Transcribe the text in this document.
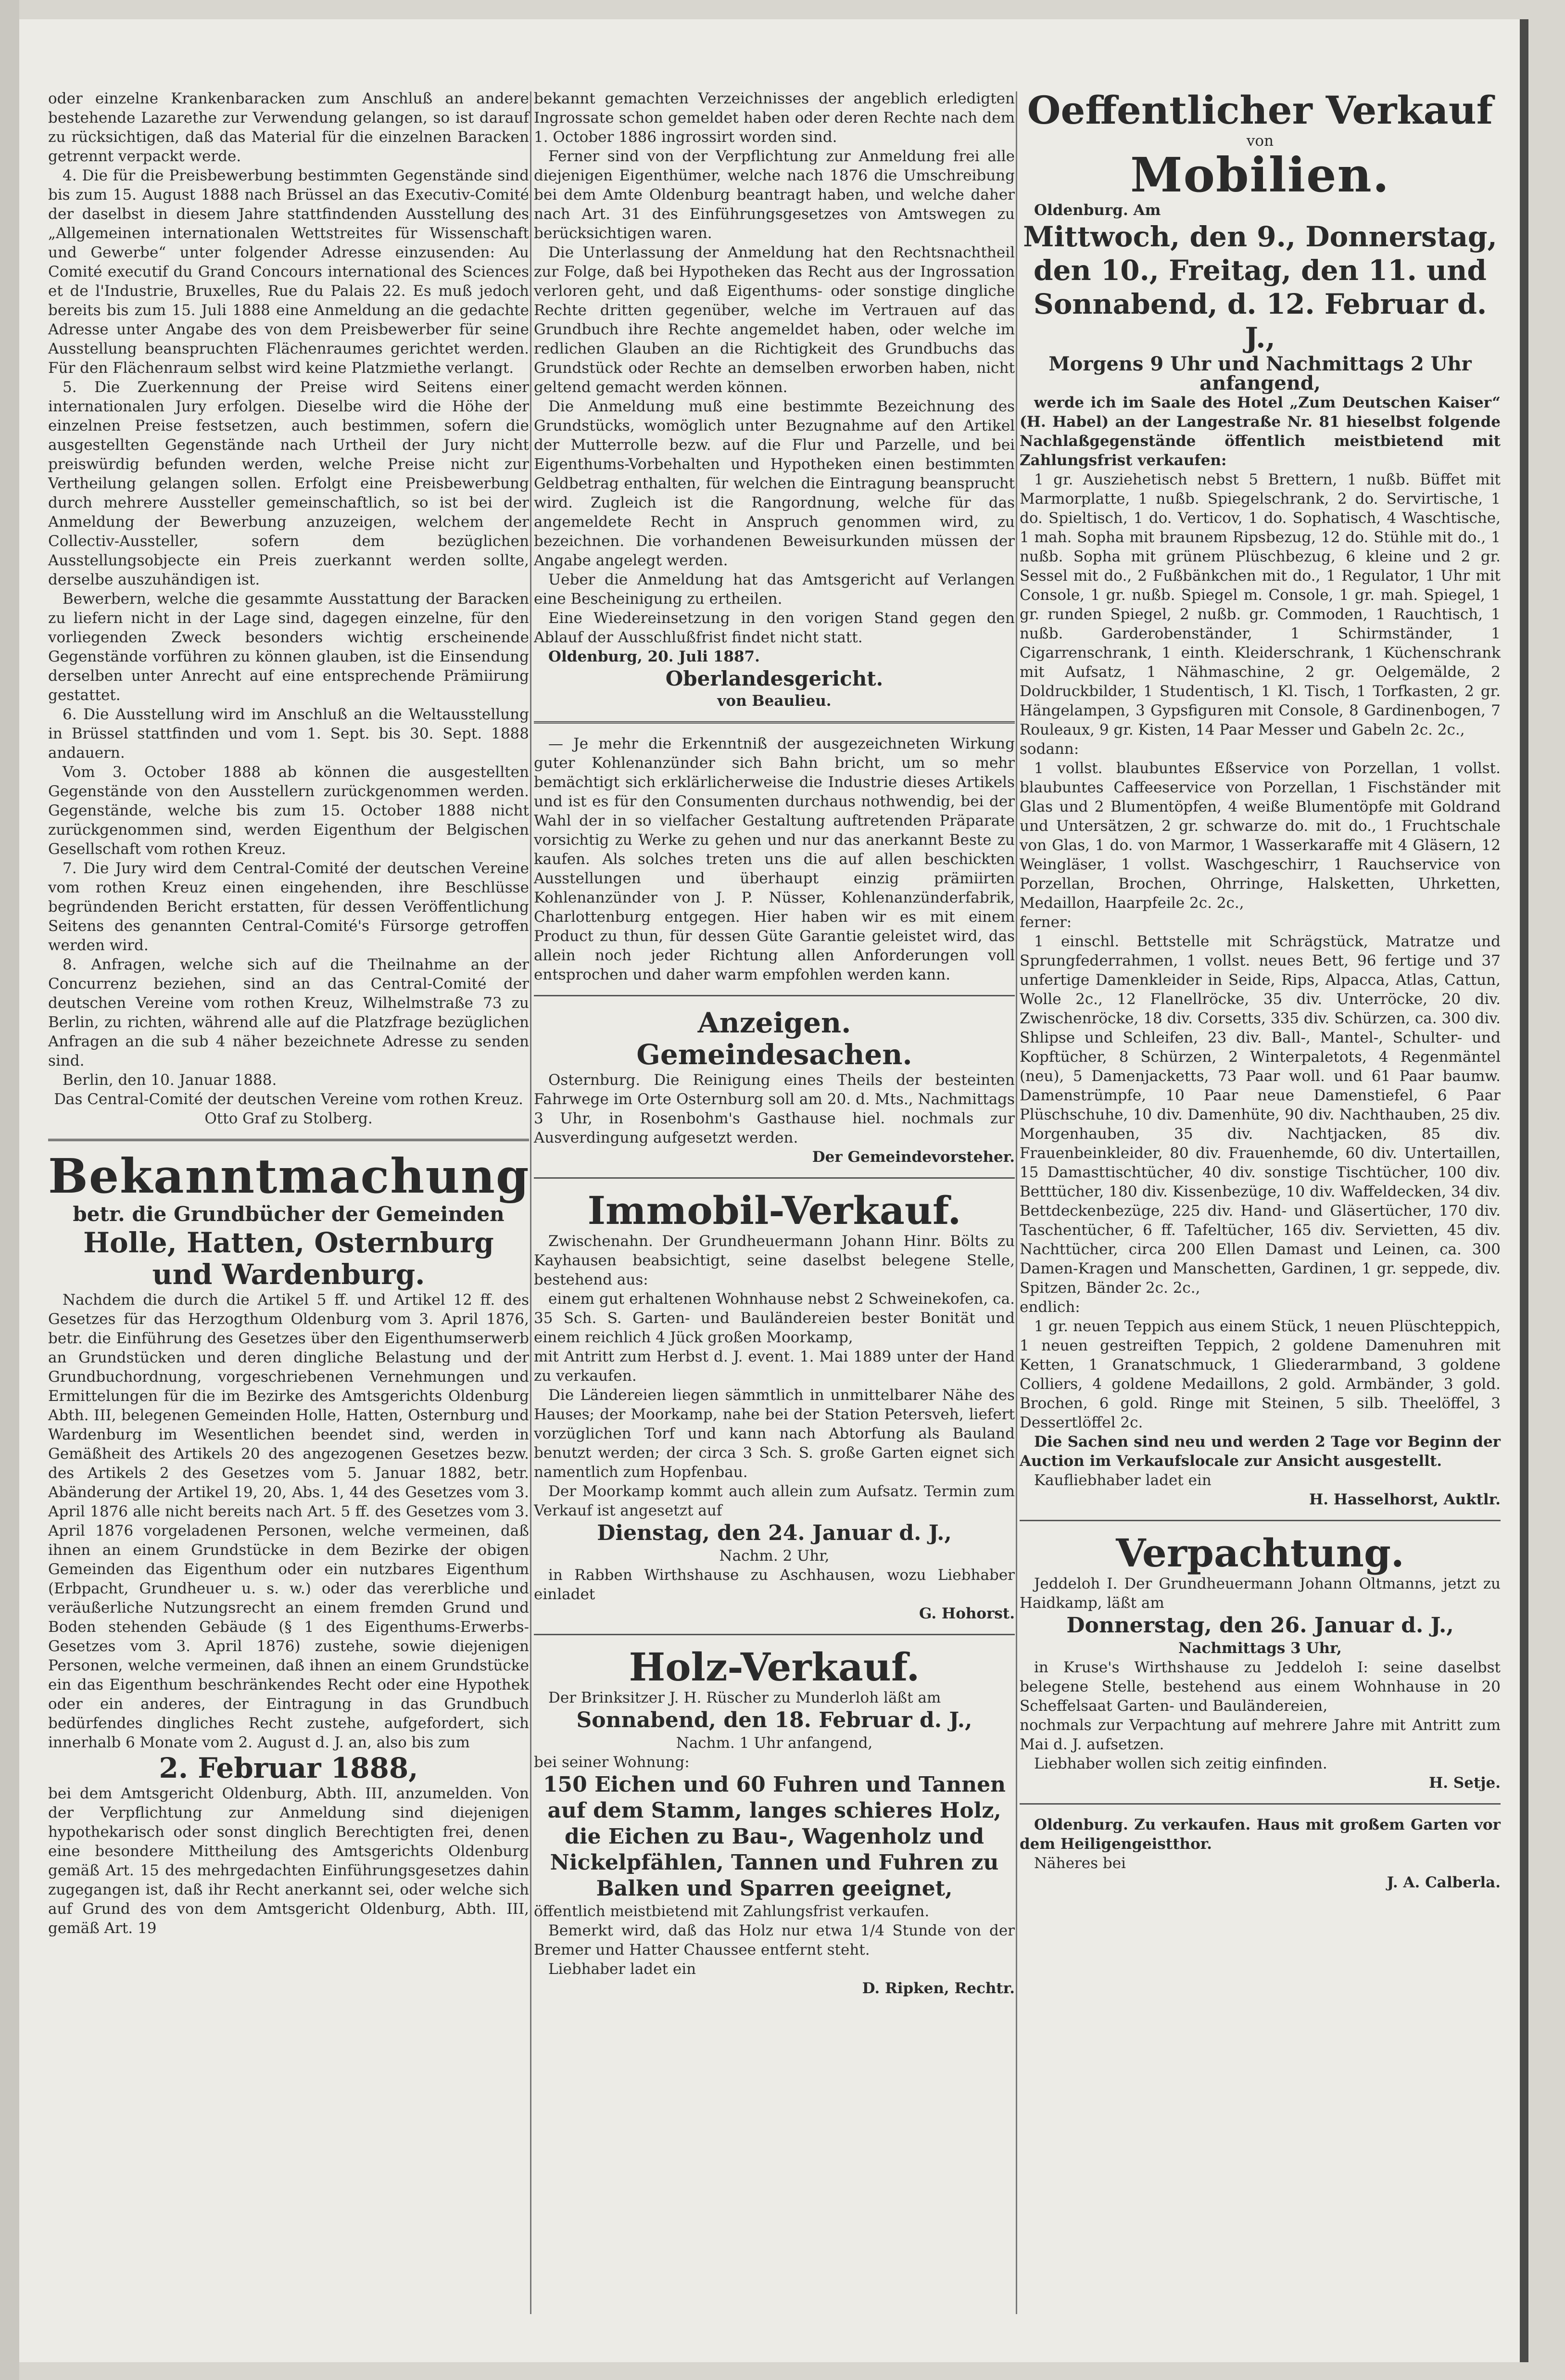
oder einzelne Krankenbaracken zum Anschluß an andere bestehende Lazarethe zur Verwendung gelangen, so ist darauf zu rücksichtigen, daß das Material für die einzelnen Baracken getrennt verpackt werde.

4. Die für die Preisbewerbung bestimmten Gegenstände sind bis zum 15. August 1888 nach Brüssel an das Executiv-Comité der daselbst in diesem Jahre stattfindenden Ausstellung des „Allgemeinen internationalen Wettstreites für Wissenschaft und Gewerbe“ unter folgender Adresse einzusenden: Au Comité executif du Grand Concours international des Sciences et de l'Industrie, Bruxelles, Rue du Palais 22. Es muß jedoch bereits bis zum 15. Juli 1888 eine Anmeldung an die gedachte Adresse unter Angabe des von dem Preisbewerber für seine Ausstellung beanspruchten Flächenraumes gerichtet werden. Für den Flächenraum selbst wird keine Platzmiethe verlangt.

5. Die Zuerkennung der Preise wird Seitens einer internationalen Jury erfolgen. Dieselbe wird die Höhe der einzelnen Preise festsetzen, auch bestimmen, sofern die ausgestellten Gegenstände nach Urtheil der Jury nicht preiswürdig befunden werden, welche Preise nicht zur Vertheilung gelangen sollen. Erfolgt eine Preisbewerbung durch mehrere Aussteller gemeinschaftlich, so ist bei der Anmeldung der Bewerbung anzuzeigen, welchem der Collectiv-Aussteller, sofern dem bezüglichen Ausstellungsobjecte ein Preis zuerkannt werden sollte, derselbe auszuhändigen ist.

Bewerbern, welche die gesammte Ausstattung der Baracken zu liefern nicht in der Lage sind, dagegen einzelne, für den vorliegenden Zweck besonders wichtig erscheinende Gegenstände vorführen zu können glauben, ist die Einsendung derselben unter Anrecht auf eine entsprechende Prämiirung gestattet.

6. Die Ausstellung wird im Anschluß an die Weltausstellung in Brüssel stattfinden und vom 1. Sept. bis 30. Sept. 1888 andauern.

Vom 3. October 1888 ab können die ausgestellten Gegenstände von den Ausstellern zurückgenommen werden. Gegenstände, welche bis zum 15. October 1888 nicht zurückgenommen sind, werden Eigenthum der Belgischen Gesellschaft vom rothen Kreuz.

7. Die Jury wird dem Central-Comité der deutschen Vereine vom rothen Kreuz einen eingehenden, ihre Beschlüsse begründenden Bericht erstatten, für dessen Veröffentlichung Seitens des genannten Central-Comité's Fürsorge getroffen werden wird.

8. Anfragen, welche sich auf die Theilnahme an der Concurrenz beziehen, sind an das Central-Comité der deutschen Vereine vom rothen Kreuz, Wilhelmstraße 73 zu Berlin, zu richten, während alle auf die Platzfrage bezüglichen Anfragen an die sub 4 näher bezeichnete Adresse zu senden sind.

Berlin, den 10. Januar 1888.

Das Central-Comité der deutschen Vereine vom rothen Kreuz.

Otto Graf zu Stolberg.

Bekanntmachung
betr. die Grundbücher der Gemeinden
Holle, Hatten, Osternburg
und Wardenburg.

Nachdem die durch die Artikel 5 ff. und Artikel 12 ff. des Gesetzes für das Herzogthum Oldenburg vom 3. April 1876, betr. die Einführung des Gesetzes über den Eigenthumserwerb an Grundstücken und deren dingliche Belastung und der Grundbuchordnung, vorgeschriebenen Vernehmungen und Ermittelungen für die im Bezirke des Amtsgerichts Oldenburg Abth. III, belegenen Gemeinden Holle, Hatten, Osternburg und Wardenburg im Wesentlichen beendet sind, werden in Gemäßheit des Artikels 20 des angezogenen Gesetzes bezw. des Artikels 2 des Gesetzes vom 5. Januar 1882, betr. Abänderung der Artikel 19, 20, Abs. 1, 44 des Gesetzes vom 3. April 1876 alle nicht bereits nach Art. 5 ff. des Gesetzes vom 3. April 1876 vorgeladenen Personen, welche vermeinen, daß ihnen an einem Grundstücke in dem Bezirke der obigen Gemeinden das Eigenthum oder ein nutzbares Eigenthum (Erbpacht, Grundheuer u. s. w.) oder das vererbliche und veräußerliche Nutzungsrecht an einem fremden Grund und Boden stehenden Gebäude (§ 1 des Eigenthums-Erwerbs-Gesetzes vom 3. April 1876) zustehe, sowie diejenigen Personen, welche vermeinen, daß ihnen an einem Grundstücke ein das Eigenthum beschränkendes Recht oder eine Hypothek oder ein anderes, der Eintragung in das Grundbuch bedürfendes dingliches Recht zustehe, aufgefordert, sich innerhalb 6 Monate vom 2. August d. J. an, also bis zum

2. Februar 1888,

bei dem Amtsgericht Oldenburg, Abth. III, anzumelden. Von der Verpflichtung zur Anmeldung sind diejenigen hypothekarisch oder sonst dinglich Berechtigten frei, denen eine besondere Mittheilung des Amtsgerichts Oldenburg gemäß Art. 15 des mehrgedachten Einführungsgesetzes dahin zugegangen ist, daß ihr Recht anerkannt sei, oder welche sich auf Grund des von dem Amtsgericht Oldenburg, Abth. III, gemäß Art. 19

bekannt gemachten Verzeichnisses der angeblich erledigten Ingrossate schon gemeldet haben oder deren Rechte nach dem 1. October 1886 ingrossirt worden sind.

Ferner sind von der Verpflichtung zur Anmeldung frei alle diejenigen Eigenthümer, welche nach 1876 die Umschreibung bei dem Amte Oldenburg beantragt haben, und welche daher nach Art. 31 des Einführungsgesetzes von Amtswegen zu berücksichtigen waren.

Die Unterlassung der Anmeldung hat den Rechtsnachtheil zur Folge, daß bei Hypotheken das Recht aus der Ingrossation verloren geht, und daß Eigenthums- oder sonstige dingliche Rechte dritten gegenüber, welche im Vertrauen auf das Grundbuch ihre Rechte angemeldet haben, oder welche im redlichen Glauben an die Richtigkeit des Grundbuchs das Grundstück oder Rechte an demselben erworben haben, nicht geltend gemacht werden können.

Die Anmeldung muß eine bestimmte Bezeichnung des Grundstücks, womöglich unter Bezugnahme auf den Artikel der Mutterrolle bezw. auf die Flur und Parzelle, und bei Eigenthums-Vorbehalten und Hypotheken einen bestimmten Geldbetrag enthalten, für welchen die Eintragung beansprucht wird. Zugleich ist die Rangordnung, welche für das angemeldete Recht in Anspruch genommen wird, zu bezeichnen. Die vorhandenen Beweisurkunden müssen der Angabe angelegt werden.

Ueber die Anmeldung hat das Amtsgericht auf Verlangen eine Bescheinigung zu ertheilen.

Eine Wiedereinsetzung in den vorigen Stand gegen den Ablauf der Ausschlußfrist findet nicht statt.

Oldenburg, 20. Juli 1887.

Oberlandesgericht.

von Beaulieu.

— Je mehr die Erkenntniß der ausgezeichneten Wirkung guter Kohlenanzünder sich Bahn bricht, um so mehr bemächtigt sich erklärlicherweise die Industrie dieses Artikels und ist es für den Consumenten durchaus nothwendig, bei der Wahl der in so vielfacher Gestaltung auftretenden Präparate vorsichtig zu Werke zu gehen und nur das anerkannt Beste zu kaufen. Als solches treten uns die auf allen beschickten Ausstellungen und überhaupt einzig prämiirten Kohlenanzünder von J. P. Nüsser, Kohlenanzünderfabrik, Charlottenburg entgegen. Hier haben wir es mit einem Product zu thun, für dessen Güte Garantie geleistet wird, das allein noch jeder Richtung allen Anforderungen voll entsprochen und daher warm empfohlen werden kann.

Anzeigen.
Gemeindesachen.

Osternburg. Die Reinigung eines Theils der besteinten Fahrwege im Orte Osternburg soll am 20. d. Mts., Nachmittags 3 Uhr, in Rosenbohm's Gasthause hiel. nochmals zur Ausverdingung aufgesetzt werden.

Der Gemeindevorsteher.

Immobil-Verkauf.

Zwischenahn. Der Grundheuermann Johann Hinr. Bölts zu Kayhausen beabsichtigt, seine daselbst belegene Stelle, bestehend aus:

einem gut erhaltenen Wohnhause nebst 2 Schweinekofen, ca. 35 Sch. S. Garten- und Bauländereien bester Bonität und einem reichlich 4 Jück großen Moorkamp,

mit Antritt zum Herbst d. J. event. 1. Mai 1889 unter der Hand zu verkaufen.

Die Ländereien liegen sämmtlich in unmittelbarer Nähe des Hauses; der Moorkamp, nahe bei der Station Petersveh, liefert vorzüglichen Torf und kann nach Abtorfung als Bauland benutzt werden; der circa 3 Sch. S. große Garten eignet sich namentlich zum Hopfenbau.

Der Moorkamp kommt auch allein zum Aufsatz. Termin zum Verkauf ist angesetzt auf

Dienstag, den 24. Januar d. J.,

Nachm. 2 Uhr,

in Rabben Wirthshause zu Aschhausen, wozu Liebhaber einladet

G. Hohorst.

Holz-Verkauf.

Der Brinksitzer J. H. Rüscher zu Munderloh läßt am

Sonnabend, den 18. Februar d. J.,

Nachm. 1 Uhr anfangend,

bei seiner Wohnung:

150 Eichen und 60 Fuhren und Tannen auf dem Stamm, langes schieres Holz, die Eichen zu Bau-, Wagenholz und Nickelpfählen, Tannen und Fuhren zu Balken und Sparren geeignet,

öffentlich meistbietend mit Zahlungsfrist verkaufen.

Bemerkt wird, daß das Holz nur etwa 1/4 Stunde von der Bremer und Hatter Chaussee entfernt steht.

Liebhaber ladet ein

D. Ripken, Rechtr.

Oeffentlicher Verkauf

von

Mobilien.

Oldenburg. Am

Mittwoch, den 9., Donnerstag, den 10., Freitag, den 11. und Sonnabend, d. 12. Februar d. J.,

Morgens 9 Uhr und Nachmittags 2 Uhr anfangend,

werde ich im Saale des Hotel „Zum Deutschen Kaiser“ (H. Habel) an der Langestraße Nr. 81 hieselbst folgende Nachlaßgegenstände öffentlich meistbietend mit Zahlungsfrist verkaufen:

1 gr. Ausziehetisch nebst 5 Brettern, 1 nußb. Büffet mit Marmorplatte, 1 nußb. Spiegelschrank, 2 do. Servirtische, 1 do. Spieltisch, 1 do. Verticov, 1 do. Sophatisch, 4 Waschtische, 1 mah. Sopha mit braunem Ripsbezug, 12 do. Stühle mit do., 1 nußb. Sopha mit grünem Plüschbezug, 6 kleine und 2 gr. Sessel mit do., 2 Fußbänkchen mit do., 1 Regulator, 1 Uhr mit Console, 1 gr. nußb. Spiegel m. Console, 1 gr. mah. Spiegel, 1 gr. runden Spiegel, 2 nußb. gr. Commoden, 1 Rauchtisch, 1 nußb. Garderobenständer, 1 Schirmständer, 1 Cigarrenschrank, 1 einth. Kleiderschrank, 1 Küchenschrank mit Aufsatz, 1 Nähmaschine, 2 gr. Oelgemälde, 2 Doldruckbilder, 1 Studentisch, 1 Kl. Tisch, 1 Torfkasten, 2 gr. Hängelampen, 3 Gypsfiguren mit Console, 8 Gardinenbogen, 7 Rouleaux, 9 gr. Kisten, 14 Paar Messer und Gabeln 2c. 2c.,

sodann:

1 vollst. blaubuntes Eßservice von Porzellan, 1 vollst. blaubuntes Caffeeservice von Porzellan, 1 Fischständer mit Glas und 2 Blumentöpfen, 4 weiße Blumentöpfe mit Goldrand und Untersätzen, 2 gr. schwarze do. mit do., 1 Fruchtschale von Glas, 1 do. von Marmor, 1 Wasserkaraffe mit 4 Gläsern, 12 Weingläser, 1 vollst. Waschgeschirr, 1 Rauchservice von Porzellan, Brochen, Ohrringe, Halsketten, Uhrketten, Medaillon, Haarpfeile 2c. 2c.,

ferner:

1 einschl. Bettstelle mit Schrägstück, Matratze und Sprungfederrahmen, 1 vollst. neues Bett, 96 fertige und 37 unfertige Damenkleider in Seide, Rips, Alpacca, Atlas, Cattun, Wolle 2c., 12 Flanellröcke, 35 div. Unterröcke, 20 div. Zwischenröcke, 18 div. Corsetts, 335 div. Schürzen, ca. 300 div. Shlipse und Schleifen, 23 div. Ball-, Mantel-, Schulter- und Kopftücher, 8 Schürzen, 2 Winterpaletots, 4 Regenmäntel (neu), 5 Damenjacketts, 73 Paar woll. und 61 Paar baumw. Damenstrümpfe, 10 Paar neue Damenstiefel, 6 Paar Plüschschuhe, 10 div. Damenhüte, 90 div. Nachthauben, 25 div. Morgenhauben, 35 div. Nachtjacken, 85 div. Frauenbeinkleider, 80 div. Frauenhemde, 60 div. Untertaillen, 15 Damasttischtücher, 40 div. sonstige Tischtücher, 100 div. Betttücher, 180 div. Kissenbezüge, 10 div. Waffeldecken, 34 div. Bettdeckenbezüge, 225 div. Hand- und Gläsertücher, 170 div. Taschentücher, 6 ff. Tafeltücher, 165 div. Servietten, 45 div. Nachttücher, circa 200 Ellen Damast und Leinen, ca. 300 Damen-Kragen und Manschetten, Gardinen, 1 gr. seppede, div. Spitzen, Bänder 2c. 2c.,

endlich:

1 gr. neuen Teppich aus einem Stück, 1 neuen Plüschteppich, 1 neuen gestreiften Teppich, 2 goldene Damenuhren mit Ketten, 1 Granatschmuck, 1 Gliederarmband, 3 goldene Colliers, 4 goldene Medaillons, 2 gold. Armbänder, 3 gold. Brochen, 6 gold. Ringe mit Steinen, 5 silb. Theelöffel, 3 Dessertlöffel 2c.

Die Sachen sind neu und werden 2 Tage vor Beginn der Auction im Verkaufslocale zur Ansicht ausgestellt.

Kaufliebhaber ladet ein

H. Hasselhorst, Auktlr.

Verpachtung.

Jeddeloh I. Der Grundheuermann Johann Oltmanns, jetzt zu Haidkamp, läßt am

Donnerstag, den 26. Januar d. J.,

Nachmittags 3 Uhr,

in Kruse's Wirthshause zu Jeddeloh I: seine daselbst belegene Stelle, bestehend aus einem Wohnhause in 20 Scheffelsaat Garten- und Bauländereien,

nochmals zur Verpachtung auf mehrere Jahre mit Antritt zum Mai d. J. aufsetzen.

Liebhaber wollen sich zeitig einfinden.

H. Setje.

Oldenburg. Zu verkaufen. Haus mit großem Garten vor dem Heiligengeistthor.

Näheres bei

J. A. Calberla.
